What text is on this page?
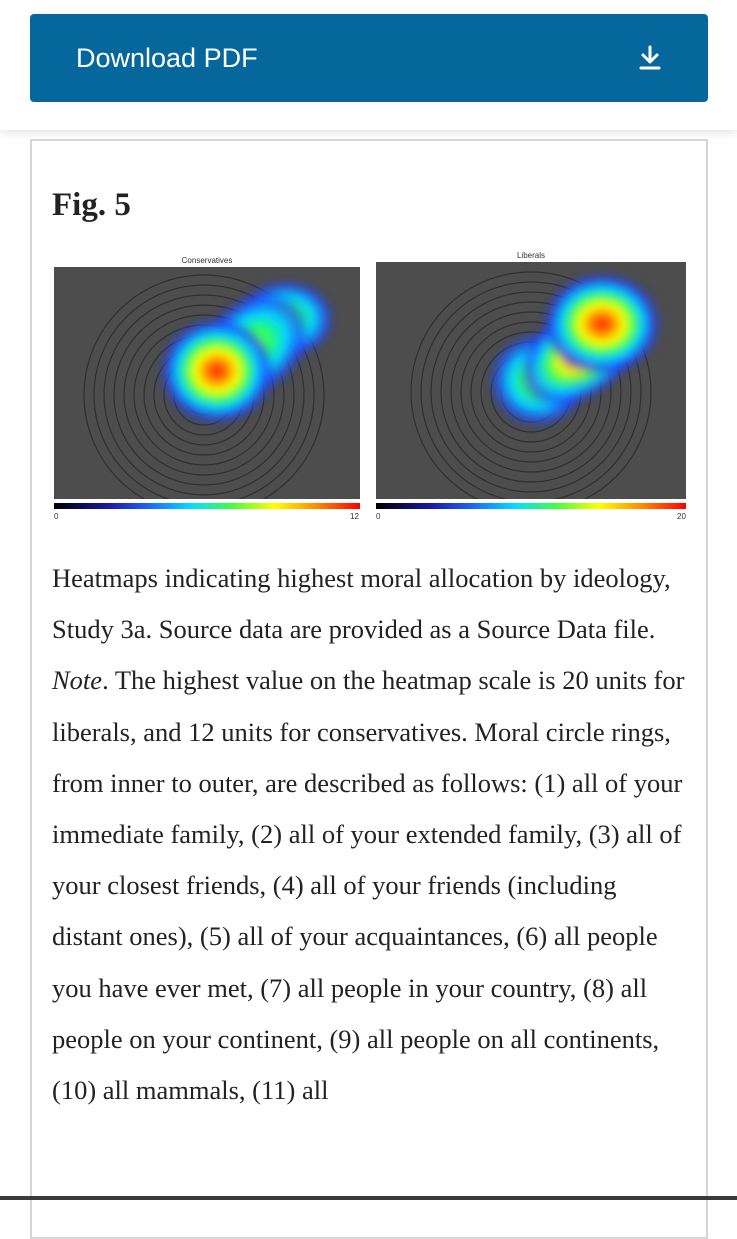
Download PDF
Fig. 5
Conservatives
0	12
Liberals
0	20

Heatmaps indicating highest moral allocation by ideology, Study 3a. Source data are provided as a Source Data file. Note. The highest value on the heatmap scale is 20 units for liberals, and 12 units for conservatives. Moral circle rings, from inner to outer, are described as follows: (1) all of your immediate family, (2) all of your extended family, (3) all of your closest friends, (4) all of your friends (including distant ones), (5) all of your acquaintances, (6) all people you have ever met, (7) all people in your country, (8) all people on your continent, (9) all people on all continents, (10) all mammals, (11) all
